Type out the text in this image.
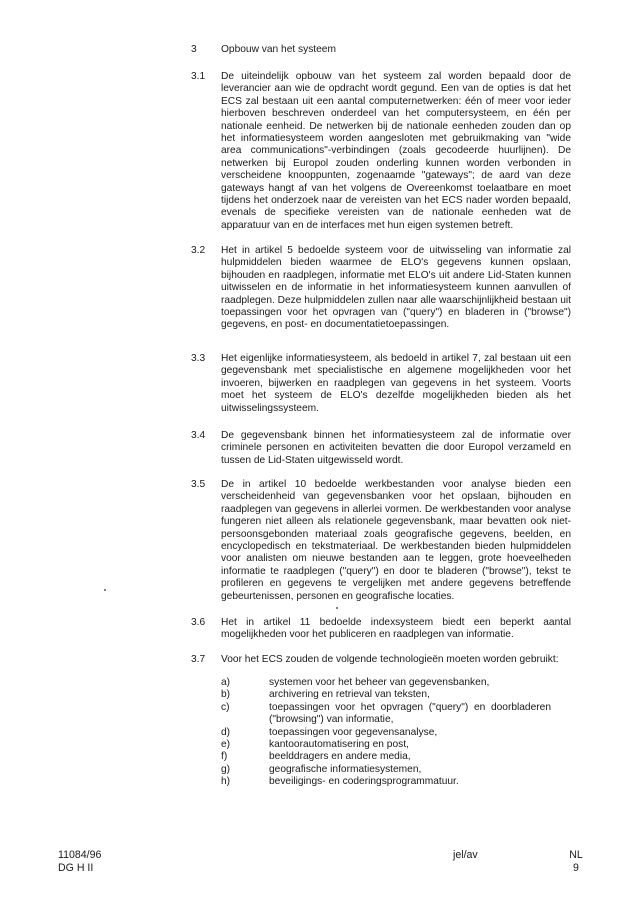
3	Opbouw van het systeem
3.1	De uiteindelijk opbouw van het systeem zal worden bepaald door de leverancier aan wie de opdracht wordt gegund. Een van de opties is dat het ECS zal bestaan uit een aantal computernetwerken: één of meer voor ieder hierboven beschreven onderdeel van het computersysteem, en één per nationale eenheid. De netwerken bij de nationale eenheden zouden dan op het informatiesysteem worden aangesloten met gebruikmaking van "wide area communications"-verbindingen (zoals gecodeerde huurlijnen). De netwerken bij Europol zouden onderling kunnen worden verbonden in verscheidene knooppunten, zogenaamde "gateways"; de aard van deze gateways hangt af van het volgens de Overeenkomst toelaatbare en moet tijdens het onderzoek naar de vereisten van het ECS nader worden bepaald, evenals de specifieke vereisten van de nationale eenheden wat de apparatuur van en de interfaces met hun eigen systemen betreft.
3.2	Het in artikel 5 bedoelde systeem voor de uitwisseling van informatie zal hulpmiddelen bieden waarmee de ELO's gegevens kunnen opslaan, bijhouden en raadplegen, informatie met ELO's uit andere Lid-Staten kunnen uitwisselen en de informatie in het informatiesysteem kunnen aanvullen of raadplegen. Deze hulpmiddelen zullen naar alle waarschijnlijkheid bestaan uit toepassingen voor het opvragen van ("query") en bladeren in ("browse") gegevens, en post- en documentatietoepassingen.
3.3	Het eigenlijke informatiesysteem, als bedoeld in artikel 7, zal bestaan uit een gegevensbank met specialistische en algemene mogelijkheden voor het invoeren, bijwerken en raadplegen van gegevens in het systeem. Voorts moet het systeem de ELO's dezelfde mogelijkheden bieden als het uitwisselingssysteem.
3.4	De gegevensbank binnen het informatiesysteem zal de informatie over criminele personen en activiteiten bevatten die door Europol verzameld en tussen de Lid-Staten uitgewisseld wordt.
3.5	De in artikel 10 bedoelde werkbestanden voor analyse bieden een verscheidenheid van gegevensbanken voor het opslaan, bijhouden en raadplegen van gegevens in allerlei vormen. De werkbestanden voor analyse fungeren niet alleen als relationele gegevensbank, maar bevatten ook niet-persoonsgebonden materiaal zoals geografische gegevens, beelden, en encyclopedisch en tekstmateriaal. De werkbestanden bieden hulpmiddelen voor analisten om nieuwe bestanden aan te leggen, grote hoeveelheden informatie te raadplegen ("query") en door te bladeren ("browse"), tekst te profileren en gegevens te vergelijken met andere gegevens betreffende gebeurtenissen, personen en geografische locaties.
3.6	Het in artikel 11 bedoelde indexsysteem biedt een beperkt aantal mogelijkheden voor het publiceren en raadplegen van informatie.
3.7	Voor het ECS zouden de volgende technologieën moeten worden gebruikt:
a)	systemen voor het beheer van gegevensbanken,
b)	archivering en retrieval van teksten,
c)	toepassingen voor het opvragen ("query") en doorbladeren ("browsing") van informatie,
d)	toepassingen voor gegevensanalyse,
e)	kantoorautomatisering en post,
f)	beelddragers en andere media,
g)	geografische informatiesystemen,
h)	beveiligings- en coderingsprogrammatuur.
11084/96
DG H II
jel/av	NL
9
